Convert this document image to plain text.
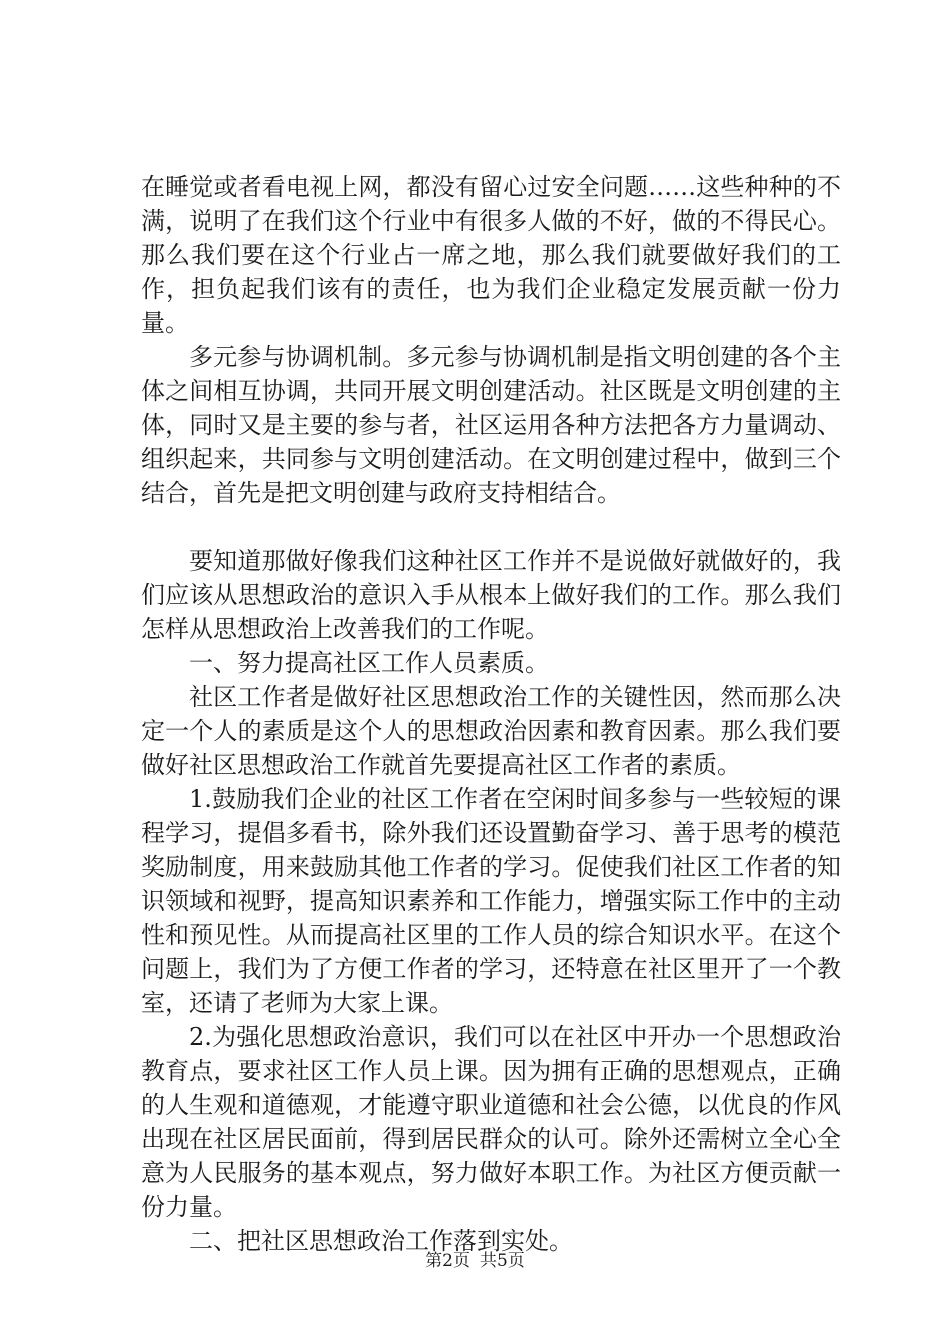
在睡觉或者看电视上网，都没有留心过安全问题……这些种种的不满，说明了在我们这个行业中有很多人做的不好，做的不得民心。那么我们要在这个行业占一席之地，那么我们就要做好我们的工作，担负起我们该有的责任，也为我们企业稳定发展贡献一份力量。

多元参与协调机制。多元参与协调机制是指文明创建的各个主体之间相互协调，共同开展文明创建活动。社区既是文明创建的主体，同时又是主要的参与者，社区运用各种方法把各方力量调动、组织起来，共同参与文明创建活动。在文明创建过程中，做到三个结合，首先是把文明创建与政府支持相结合。

要知道那做好像我们这种社区工作并不是说做好就做好的，我们应该从思想政治的意识入手从根本上做好我们的工作。那么我们怎样从思想政治上改善我们的工作呢。

一、努力提高社区工作人员素质。

社区工作者是做好社区思想政治工作的关键性因，然而那么决定一个人的素质是这个人的思想政治因素和教育因素。那么我们要做好社区思想政治工作就首先要提高社区工作者的素质。

1.鼓励我们企业的社区工作者在空闲时间多参与一些较短的课程学习，提倡多看书，除外我们还设置勤奋学习、善于思考的模范奖励制度，用来鼓励其他工作者的学习。促使我们社区工作者的知识领域和视野，提高知识素养和工作能力，增强实际工作中的主动性和预见性。从而提高社区里的工作人员的综合知识水平。在这个问题上，我们为了方便工作者的学习，还特意在社区里开了一个教室，还请了老师为大家上课。

2.为强化思想政治意识，我们可以在社区中开办一个思想政治教育点，要求社区工作人员上课。因为拥有正确的思想观点，正确的人生观和道德观，才能遵守职业道德和社会公德，以优良的作风出现在社区居民面前，得到居民群众的认可。除外还需树立全心全意为人民服务的基本观点，努力做好本职工作。为社区方便贡献一份力量。

二、把社区思想政治工作落到实处。

第2页 共5页
